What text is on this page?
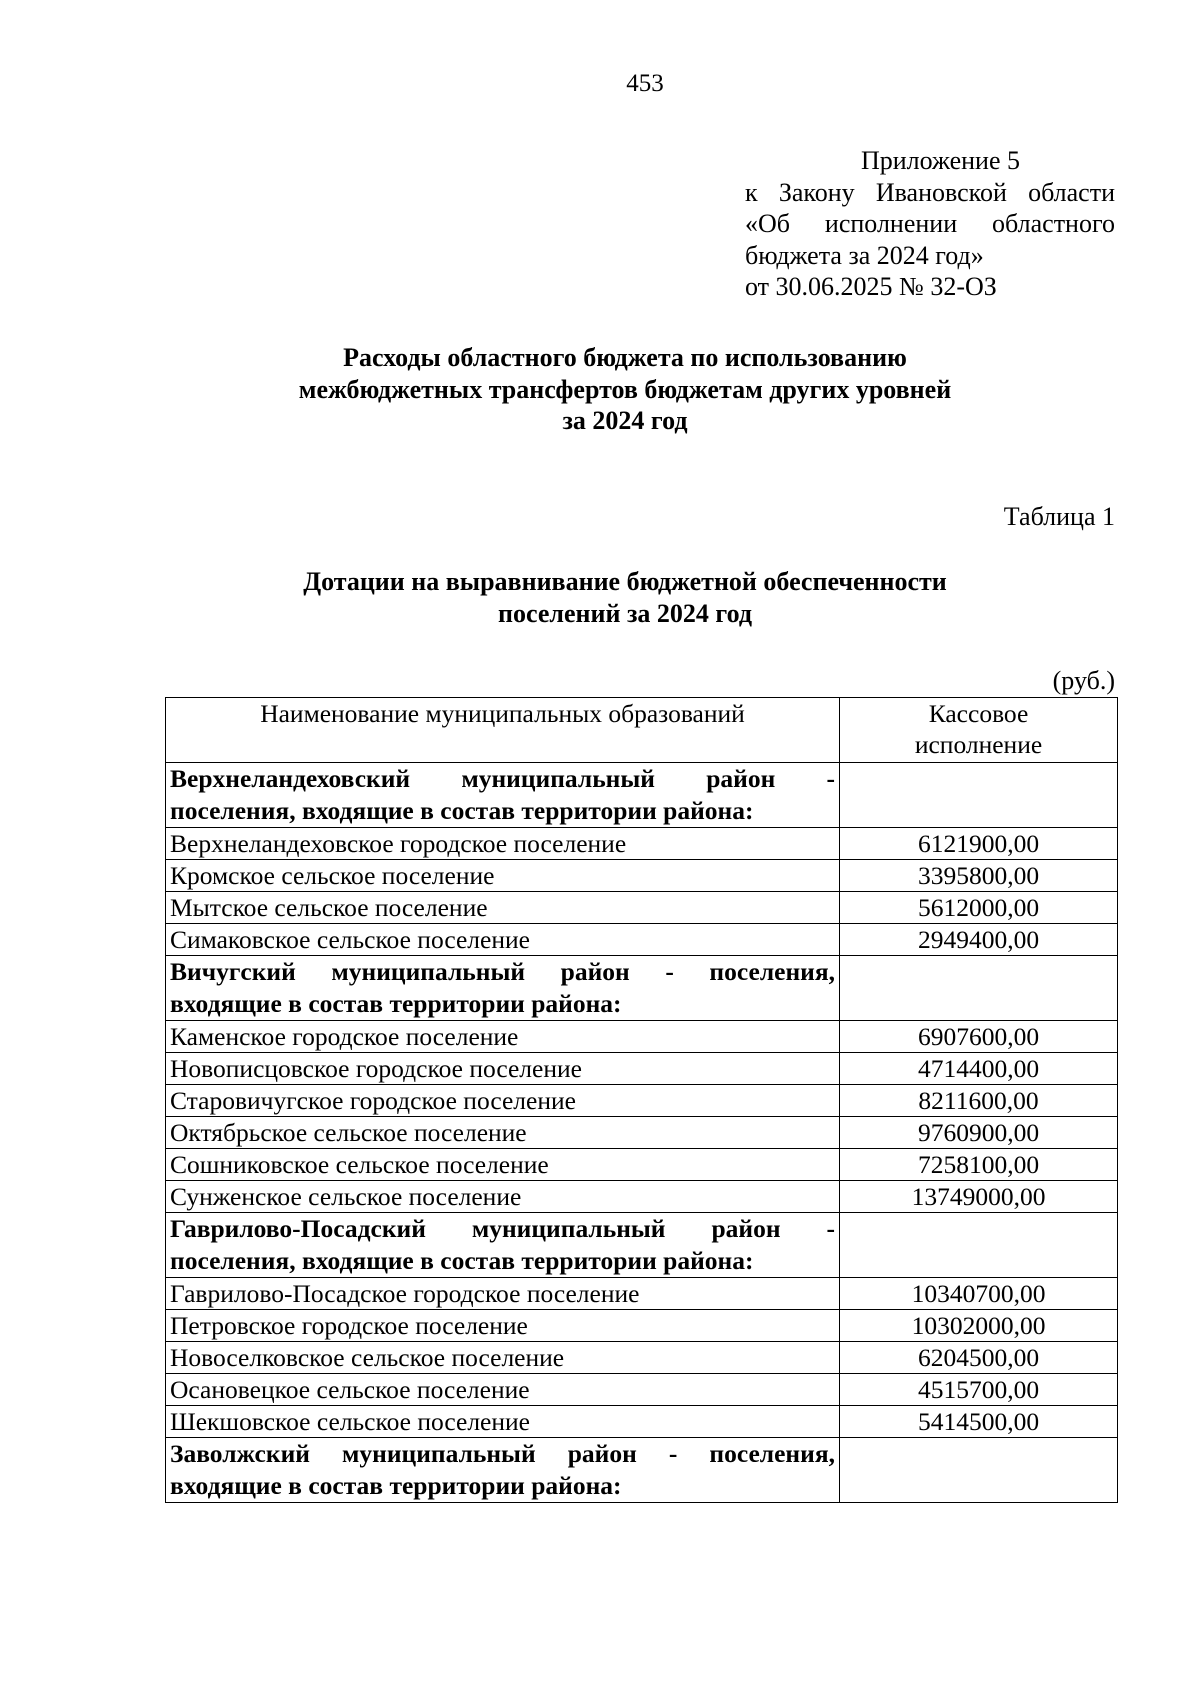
453
Приложение 5
к Закону Ивановской области
«Об исполнении областного
бюджета за 2024 год»
от 30.06.2025 № 32-ОЗ
Расходы областного бюджета по использованию
межбюджетных трансфертов бюджетам других уровней
за 2024 год
Таблица 1
Дотации на выравнивание бюджетной обеспеченности
поселений за 2024 год
(руб.)
Наименование муниципальных образований	Кассовое
исполнение

Верхнеландеховский муниципальный район -
поселения, входящие в состав территории района:	

Верхнеландеховское городское поселение	6121900,00
Кромское сельское поселение	3395800,00
Мытское сельское поселение	5612000,00
Симаковское сельское поселение	2949400,00

Вичугский муниципальный район - поселения,
входящие в состав территории района:	

Каменское городское поселение	6907600,00
Новописцовское городское поселение	4714400,00
Старовичугское городское поселение	8211600,00
Октябрьское сельское поселение	9760900,00
Сошниковское сельское поселение	7258100,00
Сунженское сельское поселение	13749000,00

Гаврилово-Посадский муниципальный район -
поселения, входящие в состав территории района:	

Гаврилово-Посадское городское поселение	10340700,00
Петровское городское поселение	10302000,00
Новоселковское сельское поселение	6204500,00
Осановецкое сельское поселение	4515700,00
Шекшовское сельское поселение	5414500,00

Заволжский муниципальный район - поселения,
входящие в состав территории района:	
